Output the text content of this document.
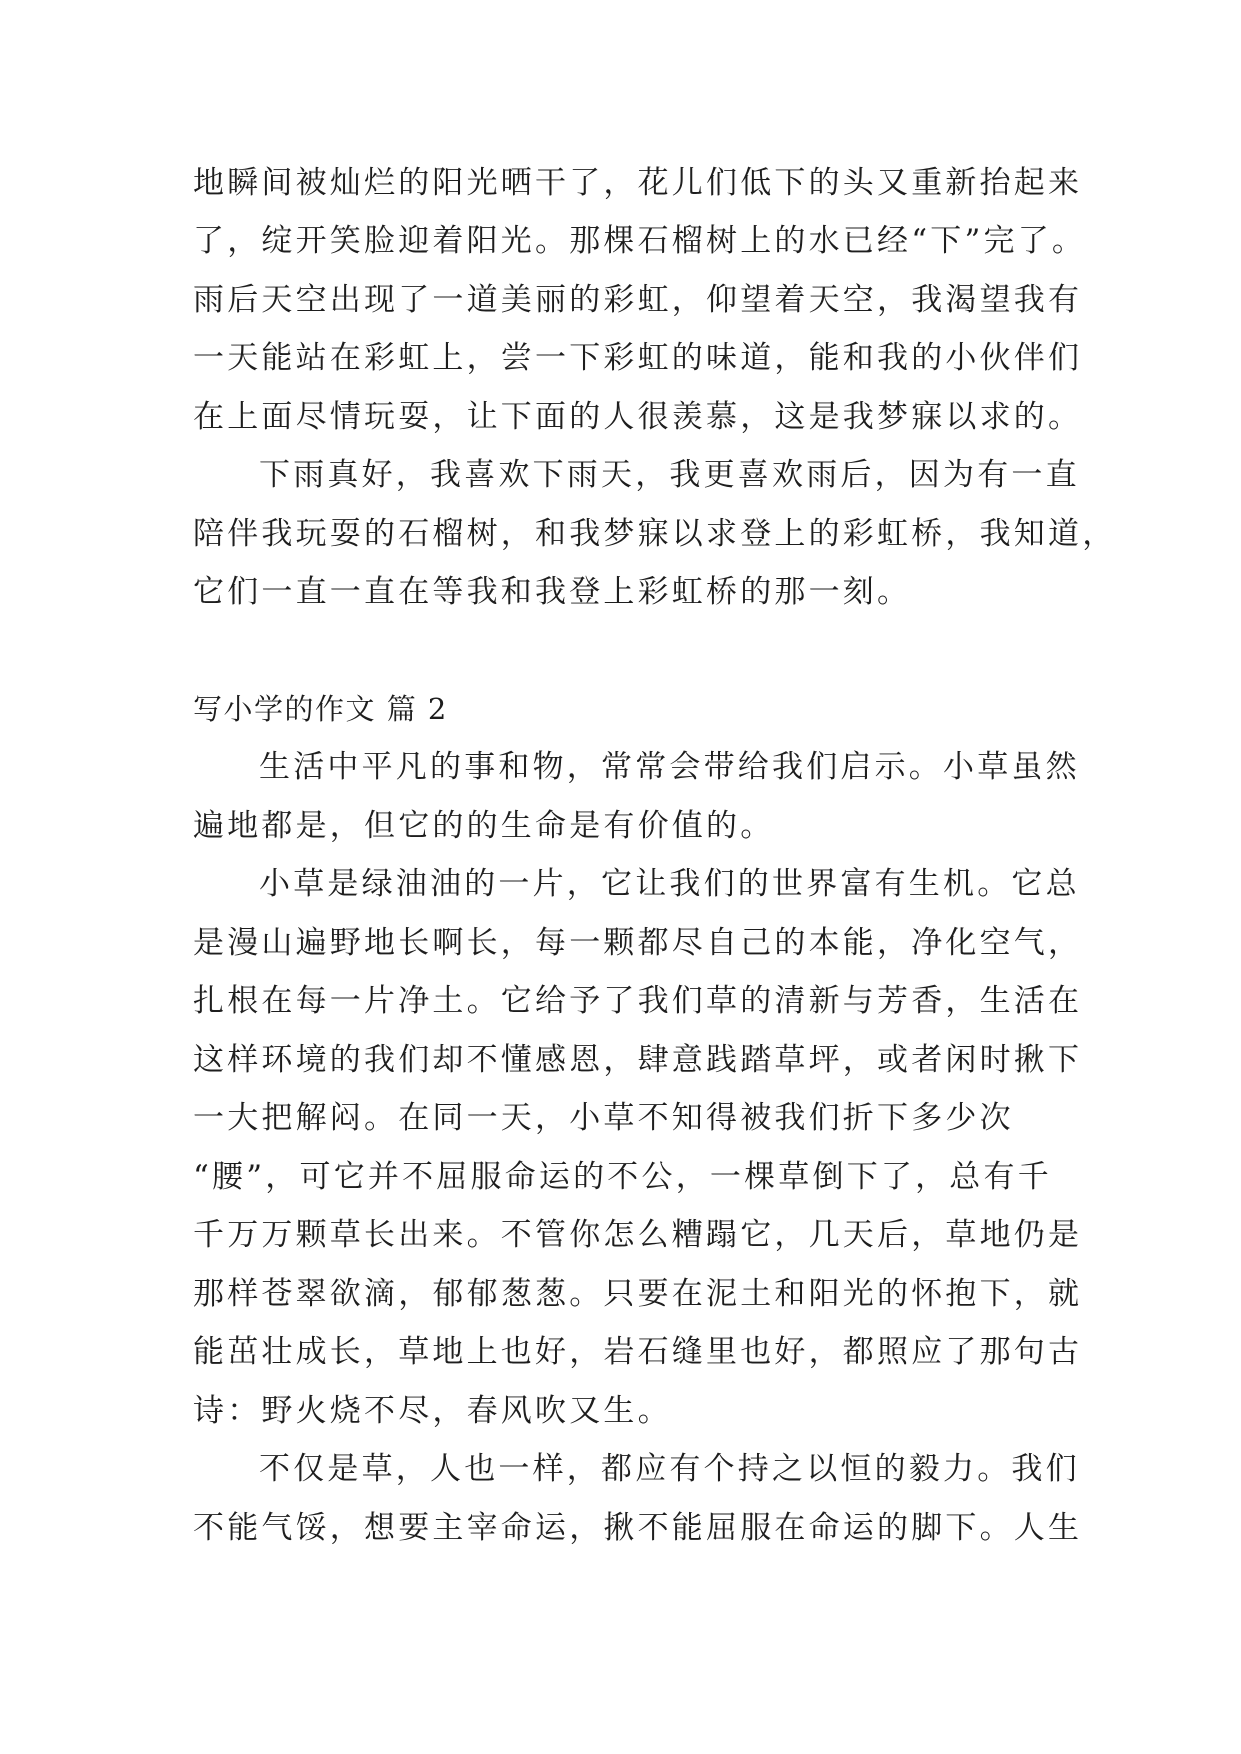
地瞬间被灿烂的阳光晒干了，花儿们低下的头又重新抬起来
了，绽开笑脸迎着阳光。那棵石榴树上的水已经“下”完了。
雨后天空出现了一道美丽的彩虹，仰望着天空，我渴望我有
一天能站在彩虹上，尝一下彩虹的味道，能和我的小伙伴们
在上面尽情玩耍，让下面的人很羡慕，这是我梦寐以求的。
下雨真好，我喜欢下雨天，我更喜欢雨后，因为有一直
陪伴我玩耍的石榴树，和我梦寐以求登上的彩虹桥，我知道，
它们一直一直在等我和我登上彩虹桥的那一刻。
写小学的作文 篇 2
生活中平凡的事和物，常常会带给我们启示。小草虽然
遍地都是，但它的的生命是有价值的。
小草是绿油油的一片，它让我们的世界富有生机。它总
是漫山遍野地长啊长，每一颗都尽自己的本能，净化空气，
扎根在每一片净土。它给予了我们草的清新与芳香，生活在
这样环境的我们却不懂感恩，肆意践踏草坪，或者闲时揪下
一大把解闷。在同一天，小草不知得被我们折下多少次
“腰”，可它并不屈服命运的不公，一棵草倒下了，总有千
千万万颗草长出来。不管你怎么糟蹋它，几天后，草地仍是
那样苍翠欲滴，郁郁葱葱。只要在泥土和阳光的怀抱下，就
能茁壮成长，草地上也好，岩石缝里也好，都照应了那句古
诗：野火烧不尽，春风吹又生。
不仅是草，人也一样，都应有个持之以恒的毅力。我们
不能气馁，想要主宰命运，揪不能屈服在命运的脚下。人生
